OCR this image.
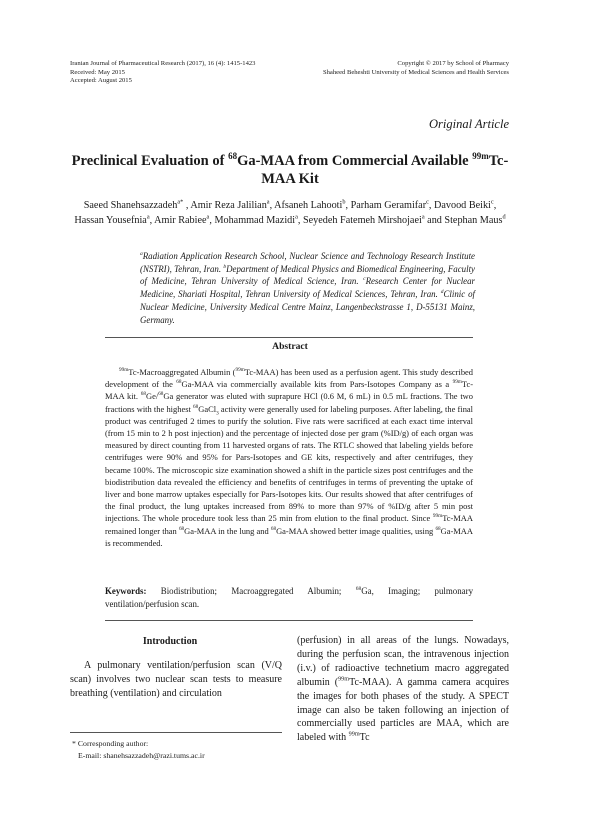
Iranian Journal of Pharmaceutical Research (2017), 16 (4): 1415-1423
Received: May 2015
Accepted: August 2015
Copyright © 2017 by School of Pharmacy
Shaheed Beheshti University of Medical Sciences and Health Services
Original Article
Preclinical Evaluation of $^{68}$Ga-MAA from Commercial Available $^{99m}$Tc-MAA Kit
Saeed Shanehsazzadeh$^{a*}$ , Amir Reza Jalilian$^a$, Afsaneh Lahooti$^b$, Parham Geramifar$^c$, Davood Beiki$^c$, Hassan Yousefnia$^a$, Amir Rabiee$^a$, Mohammad Mazidi$^a$, Seyedeh Fatemeh Mirshojaei$^a$ and Stephan Maus$^d$
$^a$Radiation Application Research School, Nuclear Science and Technology Research Institute (NSTRI), Tehran, Iran. $^b$Department of Medical Physics and Biomedical Engineering, Faculty of Medicine, Tehran University of Medical Science, Iran. $^c$Research Center for Nuclear Medicine, Shariati Hospital, Tehran University of Medical Sciences, Tehran, Iran. $^d$Clinic of Nuclear Medicine, University Medical Centre Mainz, Langenbeckstrasse 1, D-55131 Mainz, Germany.
Abstract
$^{99m}$Tc-Macroaggregated Albumin ($^{99m}$Tc-MAA) has been used as a perfusion agent. This study described development of the $^{68}$Ga-MAA via commercially available kits from Pars-Isotopes Company as a $^{99m}$Tc-MAA kit. $^{68}$Ge/$^{68}$Ga generator was eluted with suprapure HCl (0.6 M, 6 mL) in 0.5 mL fractions. The two fractions with the highest $^{68}$GaCl$_3$ activity were generally used for labeling purposes. After labeling, the final product was centrifuged 2 times to purify the solution. Five rats were sacrificed at each exact time interval (from 15 min to 2 h post injection) and the percentage of injected dose per gram (%ID/g) of each organ was measured by direct counting from 11 harvested organs of rats. The RTLC showed that labeling yields before centrifuges were 90% and 95% for Pars-Isotopes and GE kits, respectively and after centrifuges, they became 100%. The microscopic size examination showed a shift in the particle sizes post centrifuges and the biodistribution data revealed the efficiency and benefits of centrifuges in terms of preventing the uptake of liver and bone marrow uptakes especially for Pars-Isotopes kits. Our results showed that after centrifuges of the final product, the lung uptakes increased from 89% to more than 97% of %ID/g after 5 min post injections. The whole procedure took less than 25 min from elution to the final product. Since $^{99m}$Tc-MAA remained longer than $^{68}$Ga-MAA in the lung and $^{68}$Ga-MAA showed better image qualities, using $^{68}$Ga-MAA is recommended.
Keywords: Biodistribution; Macroaggregated Albumin; $^{68}$Ga, Imaging; pulmonary ventilation/perfusion scan.
Introduction
A pulmonary ventilation/perfusion scan (V/Q scan) involves two nuclear scan tests to measure breathing (ventilation) and circulation
* Corresponding author:
E-mail: shanehsazzadeh@razi.tums.ac.ir
(perfusion) in all areas of the lungs. Nowadays, during the perfusion scan, the intravenous injection (i.v.) of radioactive technetium macro aggregated albumin ($^{99m}$Tc-MAA). A gamma camera acquires the images for both phases of the study. A SPECT image can also be taken following an injection of commercially used particles are MAA, which are labeled with $^{99m}$Tc
